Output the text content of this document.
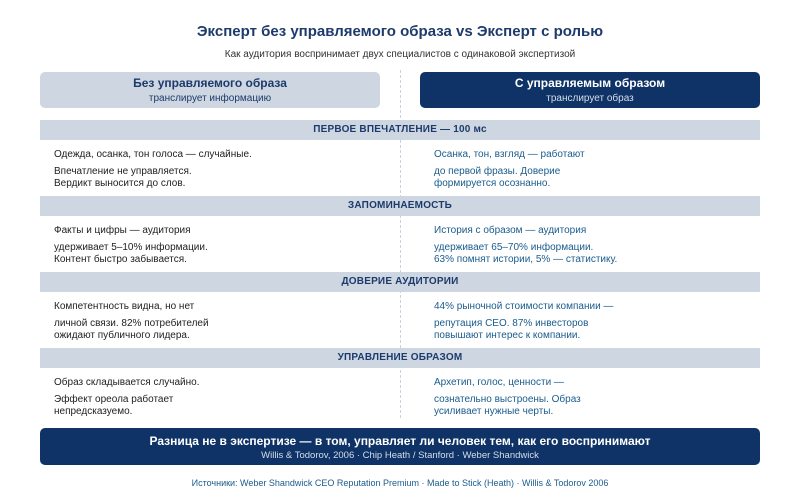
Эксперт без управляемого образа vs Эксперт с ролью
Как аудитория воспринимает двух специалистов с одинаковой экспертизой
Без управляемого образа
транслирует информацию
С управляемым образом
транслирует образ
ПЕРВОЕ ВПЕЧАТЛЕНИЕ — 100 мс
Одежда, осанка, тон голоса — случайные.
Впечатление не управляется.
Вердикт выносится до слов.
Осанка, тон, взгляд — работают
до первой фразы. Доверие
формируется осознанно.
ЗАПОМИНАЕМОСТЬ
Факты и цифры — аудитория
удерживает 5–10% информации.
Контент быстро забывается.
История с образом — аудитория
удерживает 65–70% информации.
63% помнят истории, 5% — статистику.
ДОВЕРИЕ АУДИТОРИИ
Компетентность видна, но нет
личной связи. 82% потребителей
ожидают публичного лидера.
44% рыночной стоимости компании —
репутация CEO. 87% инвесторов
повышают интерес к компании.
УПРАВЛЕНИЕ ОБРАЗОМ
Образ складывается случайно.
Эффект ореола работает
непредсказуемо.
Архетип, голос, ценности —
сознательно выстроены. Образ
усиливает нужные черты.
Разница не в экспертизе — в том, управляет ли человек тем, как его воспринимают
Willis & Todorov, 2006 · Chip Heath / Stanford · Weber Shandwick
Источники: Weber Shandwick CEO Reputation Premium · Made to Stick (Heath) · Willis & Todorov 2006
